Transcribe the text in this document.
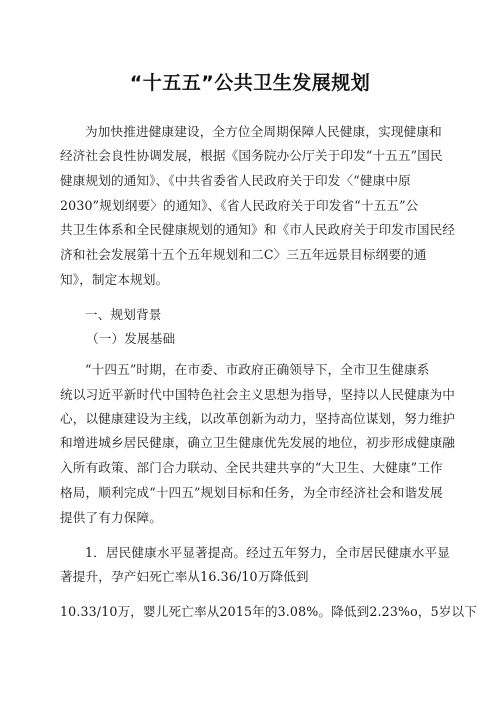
“十五五”公共卫生发展规划
为加快推进健康建设，全方位全周期保障人民健康，实现健康和
经济社会良性协调发展，根据《国务院办公厅关于印发“十五五”国民
健康规划的通知》、《中共省委省人民政府关于印发〈“健康中原
2030”规划纲要〉的通知》、《省人民政府关于印发省“十五五”公
共卫生体系和全民健康规划的通知》和《市人民政府关于印发市国民经
济和社会发展第十五个五年规划和二C〉三五年远景目标纲要的通
知》，制定本规划。
一、规划背景
（一）发展基础
“十四五”时期，在市委、市政府正确领导下，全市卫生健康系
统以习近平新时代中国特色社会主义思想为指导，坚持以人民健康为中
心，以健康建设为主线，以改革创新为动力，坚持高位谋划，努力维护
和增进城乡居民健康，确立卫生健康优先发展的地位，初步形成健康融
入所有政策、部门合力联动、全民共建共享的“大卫生、大健康”工作
格局，顺利完成“十四五”规划目标和任务，为全市经济社会和谐发展
提供了有力保障。
1．居民健康水平显著提高。经过五年努力，全市居民健康水平显
著提升，孕产妇死亡率从16.36/10万降低到
10.33/10万，婴儿死亡率从2015年的3.08%。降低到2.23%o，5岁以下
